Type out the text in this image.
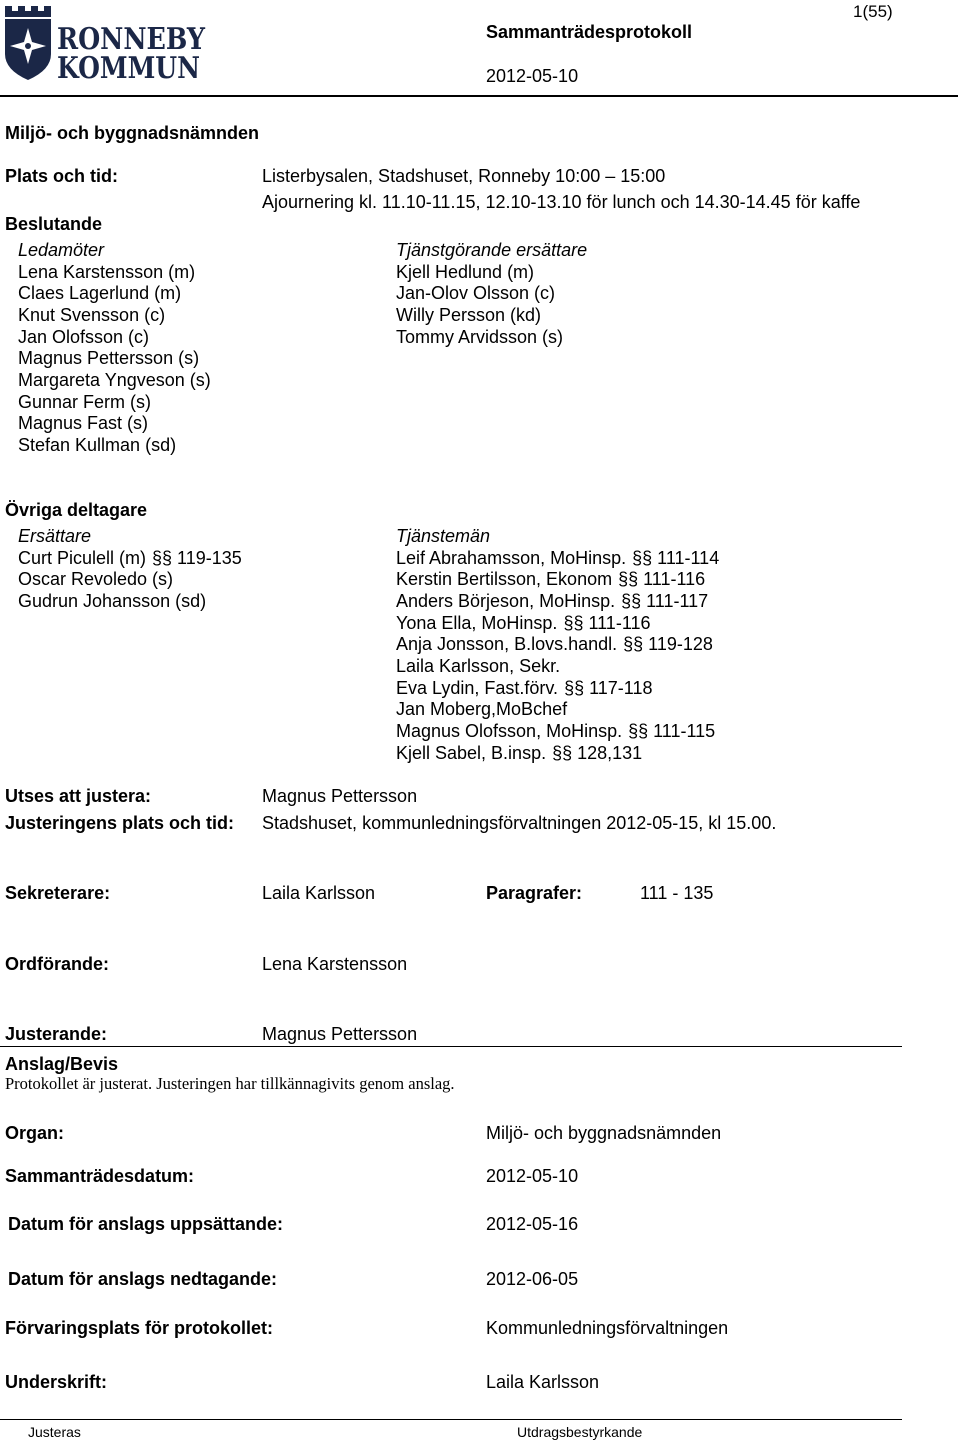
RONNEBY
KOMMUN
1(55)
Sammanträdesprotokoll
2012-05-10
Miljö- och byggnadsnämnden
Plats och tid:	Listerbysalen, Stadshuset, Ronneby 10:00 – 15:00
Ajournering kl. 11.10-11.15, 12.10-13.10 för lunch och 14.30-14.45 för kaffe
Beslutande
Ledamöter
Lena Karstensson (m)
Claes Lagerlund (m)
Knut Svensson (c)
Jan Olofsson (c)
Magnus Pettersson (s)
Margareta Yngveson (s)
Gunnar Ferm (s)
Magnus Fast (s)
Stefan Kullman (sd)
Tjänstgörande ersättare
Kjell Hedlund (m)
Jan-Olov Olsson (c)
Willy Persson (kd)
Tommy Arvidsson (s)
Övriga deltagare
Ersättare
Curt Piculell (m) §§ 119-135
Oscar Revoledo (s)
Gudrun Johansson (sd)
Tjänstemän
Leif Abrahamsson, MoHinsp. §§ 111-114
Kerstin Bertilsson, Ekonom §§ 111-116
Anders Börjeson, MoHinsp. §§ 111-117
Yona Ella, MoHinsp. §§ 111-116
Anja Jonsson, B.lovs.handl. §§ 119-128
Laila Karlsson, Sekr.
Eva Lydin, Fast.förv. §§ 117-118
Jan Moberg,MoBchef
Magnus Olofsson, MoHinsp. §§ 111-115
Kjell Sabel, B.insp. §§ 128,131
Utses att justera:	Magnus Pettersson
Justeringens plats och tid: Stadshuset, kommunledningsförvaltningen 2012-05-15, kl 15.00.
Sekreterare:	Laila Karlsson	Paragrafer:	111 - 135
Ordförande:	Lena Karstensson
Justerande:	Magnus Pettersson
Anslag/Bevis
Protokollet är justerat. Justeringen har tillkännagivits genom anslag.
Organ:	Miljö- och byggnadsnämnden
Sammanträdesdatum:	2012-05-10
Datum för anslags uppsättande:	2012-05-16
Datum för anslags nedtagande:	2012-06-05
Förvaringsplats för protokollet:	Kommunledningsförvaltningen
Underskrift:	Laila Karlsson
Justeras	Utdragsbestyrkande
